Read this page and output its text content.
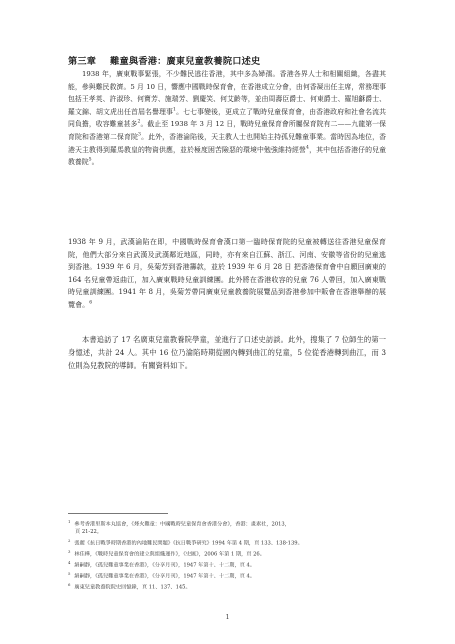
第三章 難童與香港：廣東兒童教養院口述史

1938 年，廣東戰事緊張，不少難民逃往香港，其中多為婦孺。香港各界人士和相關組織，各盡其能，參與難民救濟。5 月 10 日，響應中國戰時保育會，在香港成立分會，由何香凝出任主席，常務理事包括王孝英、許淑珍、何寶芳、施瑞芳、劉慶笑、何艾齡等，並由周壽臣爵士、何東爵士、羅旭龢爵士、羅文錦、胡文虎出任首屆名譽理事$^1$。七七事變後，更成立了戰時兒童保育會，由香港政府和社會名流共同負擔，收容難童甚多$^2$。截止至 1938 年 3 月 12 日，戰時兒童保育會所屬保育院有二——九龍第一保育院和香港第二保育院$^3$。此外，香港淪陷後，天主教人士也開始主持孤兒難童事業。當時因為地位，香港天主教得到羅馬教皇的物資供應，並於極度困苦險惡的環境中勉強維持經營$^4$，其中包括香港仔的兒童教養院$^5$。

1938 年 9 月，武漢淪陷在即，中國戰時保育會漢口第一臨時保育院的兒童被轉送往香港兒童保育院，他們大部分來自武漢及武漢鄰近地區，同時，亦有來自江蘇、浙江、河南、安徽等省份的兒童逃到香港。1939 年 6 月，吳菊芳到香港籌款，並於 1939 年 6 月 28 日 把香港保育會中自願回廣東的 164 名兒童帶返曲江，加入廣東戰時兒童訓練團。此外將在香港收容的兒童 76 人帶回，加入廣東戰時兒童訓練團。1941 年 8 月，吳菊芳帶同廣東兒童教養院展覽品到香港參加中販會在香港舉辦的展覽會。$^6$

本書追訪了 17 名廣東兒童教養院學童，並進行了口述史訪談。此外，搜集了 7 位師生的第一身憶述，共計 24 人。其中 16 位乃淪陷時期從國內轉到曲江的兒童，5 位從香港轉到曲江，而 3 位則為兒教院的導師。有關資料如下。

$^1$參考香港里斯本丸協會，《烽火難童：中國戰時兒童保育會香港分會》，香港：畫素社，2013，
頁 21-22。
$^2$張麗《抗日戰爭時期香港的內地難民問題》《抗日戰爭研究》1994 年第 4 期，頁 133、138-139。
$^3$林佳樺，《戰時兒童保育會的建立與組織運作》，《史匯》，2006 年第 1 期，頁 26。
$^4$絹嗣靜，《孤兒難童事業在香港》，《分享月刊》，1947 年第十、十二期，頁 4。
$^5$絹嗣靜，《孤兒難童事業在香港》，《分享月刊》，1947 年第十、十二期，頁 4。
$^6$廣東兒童教養院院史回憶錄，頁 11、137、145。
1
